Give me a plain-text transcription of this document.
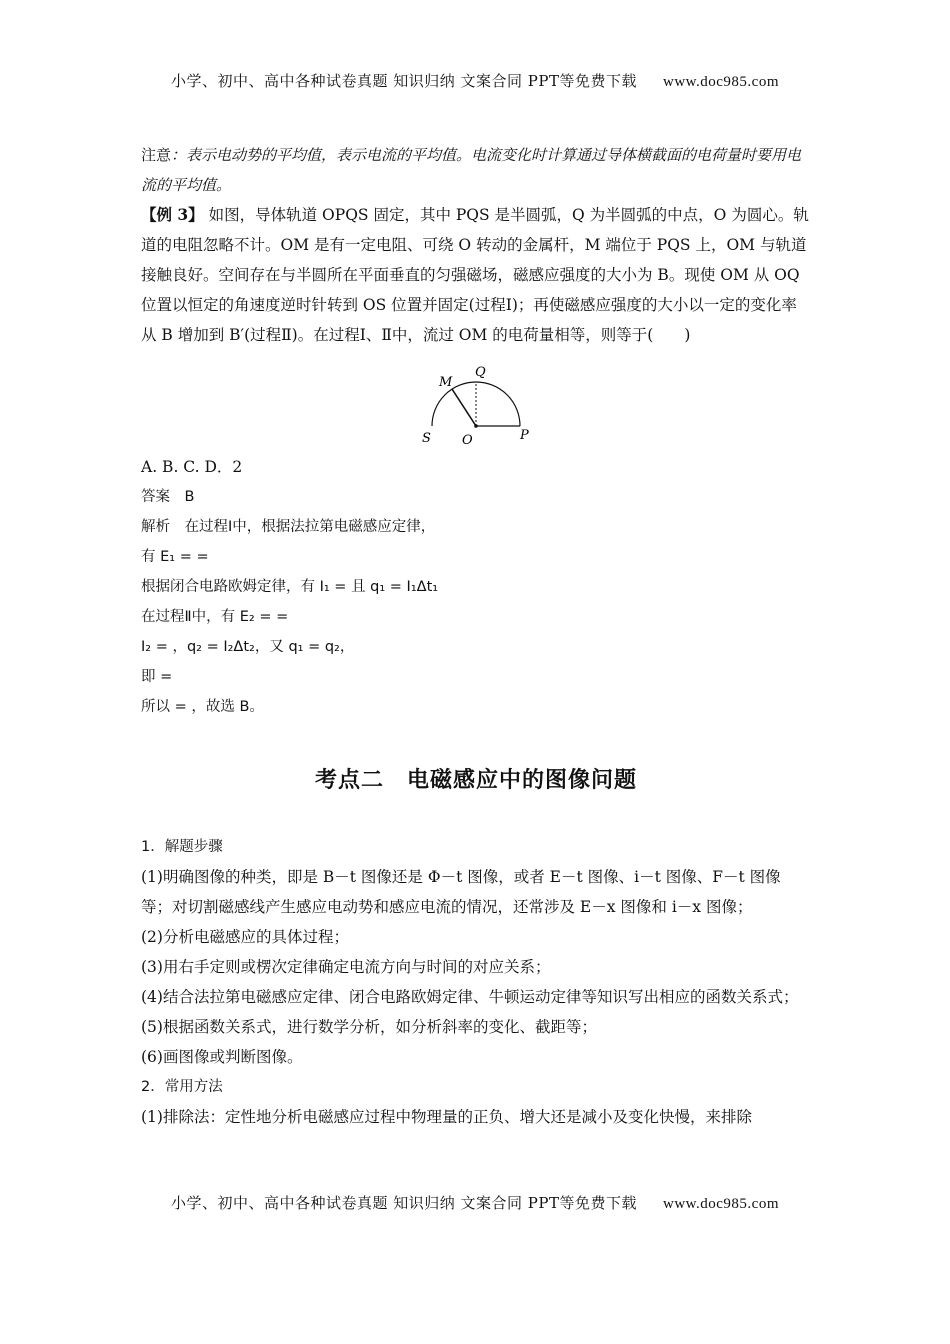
小学、初中、高中各种试卷真题 知识归纳 文案合同 PPT等免费下载 www.doc985.com

注意：表示电动势的平均值，表示电流的平均值。电流变化时计算通过导体横截面的电荷量时要用电流的平均值。

【例 3】 如图，导体轨道 OPQS 固定，其中 PQS 是半圆弧，Q 为半圆弧的中点，O 为圆心。轨道的电阻忽略不计。OM 是有一定电阻、可绕 O 转动的金属杆，M 端位于 PQS 上，OM 与轨道接触良好。空间存在与半圆所在平面垂直的匀强磁场，磁感应强度的大小为 B。现使 OM 从 OQ 位置以恒定的角速度逆时针转到 OS 位置并固定(过程Ⅰ)；再使磁感应强度的大小以一定的变化率从 B 增加到 B′(过程Ⅱ)。在过程Ⅰ、Ⅱ中，流过 OM 的电荷量相等，则等于(　　)

M
Q
S O	P

A. B. C. D．2

答案　 B

解析　 在过程Ⅰ中，根据法拉第电磁感应定律，

有 E₁ = =

根据闭合电路欧姆定律，有 I₁ = 且 q₁ = I₁Δt₁

在过程Ⅱ中，有 E₂ = =

I₂ = ，q₂ = I₂Δt₂，又 q₁ = q₂，

即 =

所以 = ，故选 B。

考点二　电磁感应中的图像问题

1．解题步骤

(1)明确图像的种类，即是 B－t 图像还是 Φ－t 图像，或者 E－t 图像、i－t 图像、F－t 图像等；对切割磁感线产生感应电动势和感应电流的情况，还常涉及 E－x 图像和 i－x 图像；

(2)分析电磁感应的具体过程；

(3)用右手定则或楞次定律确定电流方向与时间的对应关系；

(4)结合法拉第电磁感应定律、闭合电路欧姆定律、牛顿运动定律等知识写出相应的函数关系式；

(5)根据函数关系式，进行数学分析，如分析斜率的变化、截距等；

(6)画图像或判断图像。

2．常用方法

(1)排除法：定性地分析电磁感应过程中物理量的正负、增大还是减小及变化快慢，来排除

小学、初中、高中各种试卷真题 知识归纳 文案合同 PPT等免费下载 www.doc985.com
